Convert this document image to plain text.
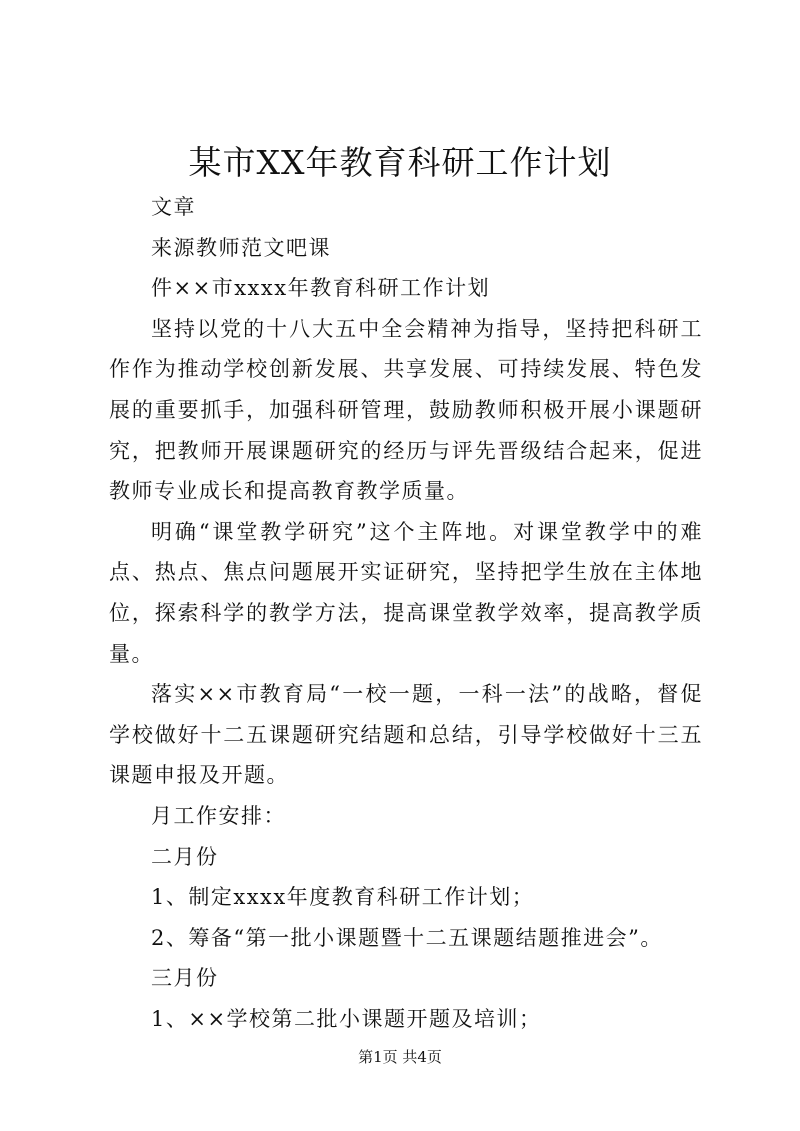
某市XX年教育科研工作计划

文章

来源教师范文吧课

件××市xxxx年教育科研工作计划

坚持以党的十八大五中全会精神为指导，坚持把科研工作作为推动学校创新发展、共享发展、可持续发展、特色发展的重要抓手，加强科研管理，鼓励教师积极开展小课题研究，把教师开展课题研究的经历与评先晋级结合起来，促进教师专业成长和提高教育教学质量。

明确“课堂教学研究”这个主阵地。对课堂教学中的难点、热点、焦点问题展开实证研究，坚持把学生放在主体地位，探索科学的教学方法，提高课堂教学效率，提高教学质量。

落实××市教育局“一校一题，一科一法”的战略，督促学校做好十二五课题研究结题和总结，引导学校做好十三五课题申报及开题。

月工作安排：

二月份

1、制定xxxx年度教育科研工作计划；

2、筹备“第一批小课题暨十二五课题结题推进会”。

三月份

1、××学校第二批小课题开题及培训；

第1页 共4页
